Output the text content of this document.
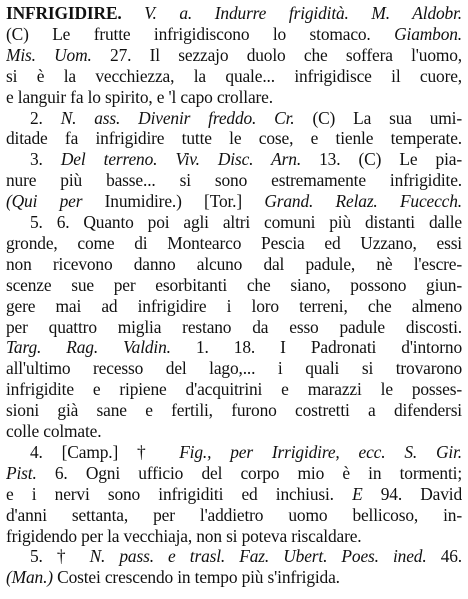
INFRIGIDIRE. V. a. Indurre frigidità. M. Aldobr.
(C) Le frutte infrigidiscono lo stomaco. Giambon.
Mis. Uom. 27. Il sezzajo duolo che soffera l'uomo,
si è la vecchiezza, la quale... infrigidisce il cuore,
e languir fa lo spirito, e 'l capo crollare.
2. N. ass. Divenir freddo. Cr. (C) La sua umi-
ditade fa infrigidire tutte le cose, e tienle temperate.
3. Del terreno. Viv. Disc. Arn. 13. (C) Le pia-
nure più basse... si sono estremamente infrigidite.
(Qui per Inumidire.) [Tor.] Grand. Relaz. Fucecch.
5. 6. Quanto poi agli altri comuni più distanti dalle
gronde, come di Montearco Pescia ed Uzzano, essi
non ricevono danno alcuno dal padule, nè l'escre-
scenze sue per esorbitanti che siano, possono giun-
gere mai ad infrigidire i loro terreni, che almeno
per quattro miglia restano da esso padule discosti.
Targ. Rag. Valdin. 1. 18. I Padronati d'intorno
all'ultimo recesso del lago,... i quali si trovarono
infrigidite e ripiene d'acquitrini e marazzi le posses-
sioni già sane e fertili, furono costretti a difendersi
colle colmate.
4. [Camp.] † Fig., per Irrigidire, ecc. S. Gir.
Pist. 6. Ogni ufficio del corpo mio è in tormenti;
e i nervi sono infrigiditi ed inchiusi. E 94. David
d'anni settanta, per l'addietro uomo bellicoso, in-
frigidendo per la vecchiaja, non si poteva riscaldare.
5. † N. pass. e trasl. Faz. Ubert. Poes. ined. 46.
(Man.) Costei crescendo in tempo più s'infrigida.
